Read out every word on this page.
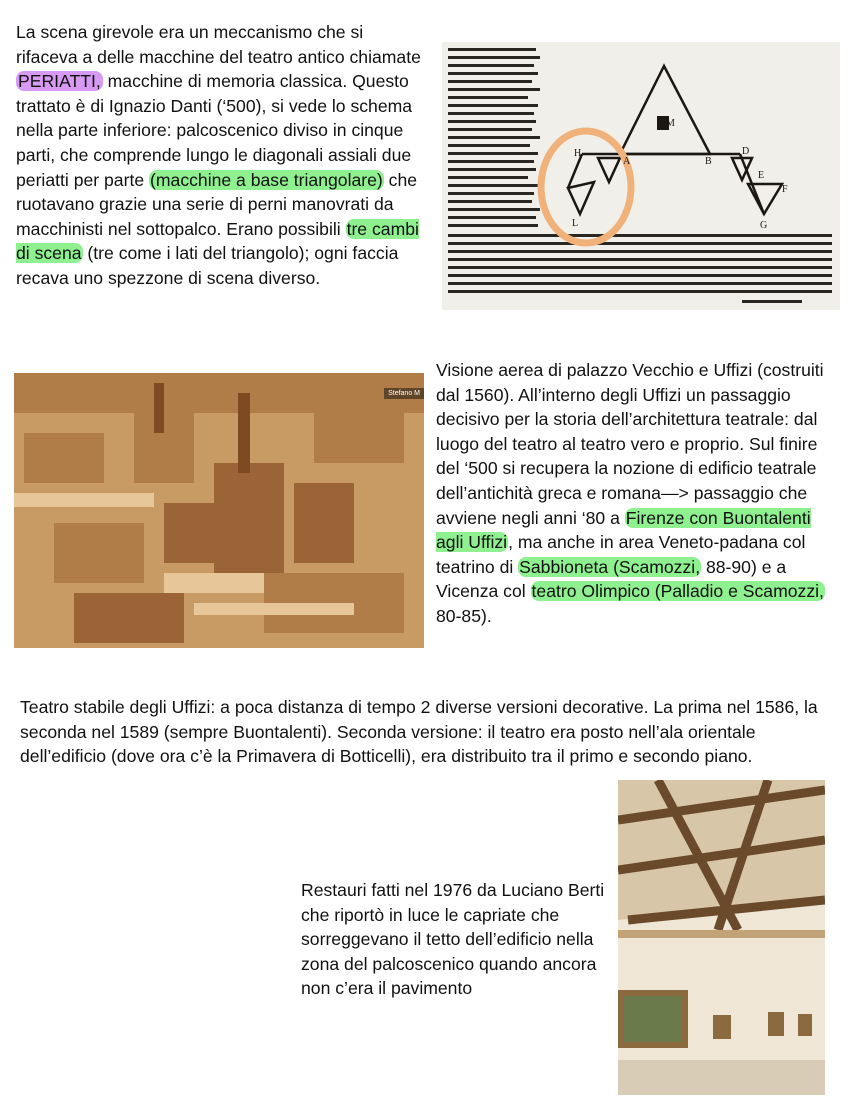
La scena girevole era un meccanismo che si rifaceva a delle macchine del teatro antico chiamate PERIATTI, macchine di memoria classica. Questo trattato è di Ignazio Danti (‘500), si vede lo schema nella parte inferiore: palcoscenico diviso in cinque parti, che comprende lungo le diagonali assiali due periatti per parte (macchine a base triangolare) che ruotavano grazie una serie di perni manovrati da macchinisti nel sottopalco. Erano possibili tre cambi di scena (tre come i lati del triangolo); ogni faccia recava uno spezzone di scena diverso.

H
A	B
D
L
E
F
G
M
Stefano M

Visione aerea di palazzo Vecchio e Uffizi (costruiti dal 1560). All’interno degli Uffizi un passaggio decisivo per la storia dell’architettura teatrale: dal luogo del teatro al teatro vero e proprio. Sul finire del ‘500 si recupera la nozione di edificio teatrale dell’antichità greca e romana—> passaggio che avviene negli anni ‘80 a Firenze con Buontalenti agli Uffizi, ma anche in area Veneto-padana col teatrino di Sabbioneta (Scamozzi, 88-90) e a Vicenza col teatro Olimpico (Palladio e Scamozzi, 80-85).

Teatro stabile degli Uffizi: a poca distanza di tempo 2 diverse versioni decorative. La prima nel 1586, la seconda nel 1589 (sempre Buontalenti). Seconda versione: il teatro era posto nell’ala orientale dell’edificio (dove ora c’è la Primavera di Botticelli), era distribuito tra il primo e secondo piano.

Restauri fatti nel 1976 da Luciano Berti che riportò in luce le capriate che sorreggevano il tetto dell’edificio nella zona del palcoscenico quando ancora non c’era il pavimento
